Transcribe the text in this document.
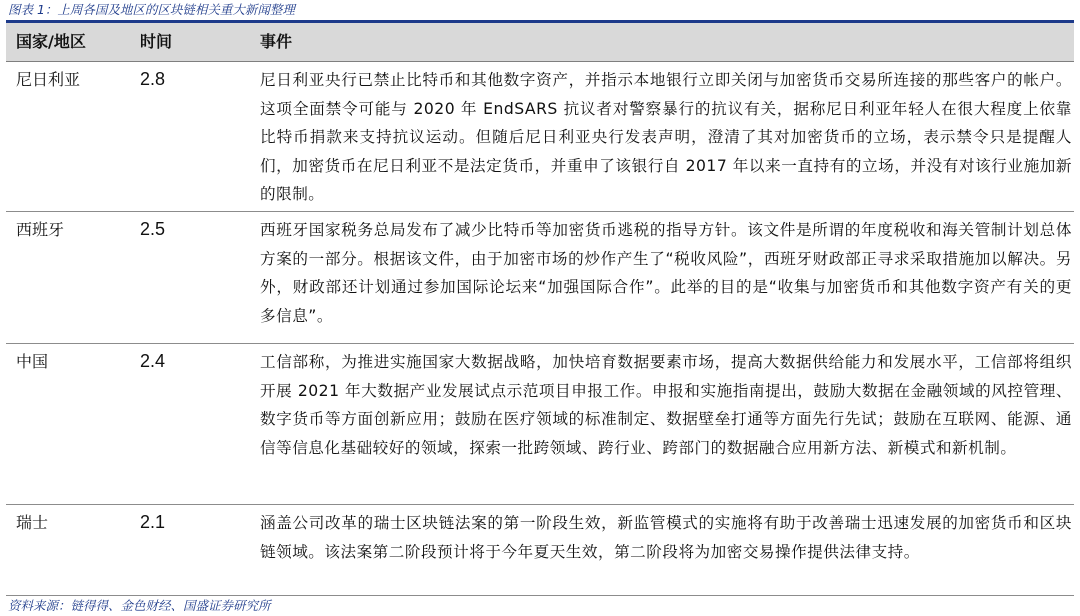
图表 1：上周各国及地区的区块链相关重大新闻整理
国家/地区	时间	事件
尼日利亚	2.8	尼日利亚央行已禁止比特币和其他数字资产，并指示本地银行立即关闭与加密货币交易所连接的那些客户的帐户。这项全面禁令可能与 2020 年 EndSARS 抗议者对警察暴行的抗议有关，据称尼日利亚年轻人在很大程度上依靠比特币捐款来支持抗议运动。但随后尼日利亚央行发表声明，澄清了其对加密货币的立场，表示禁令只是提醒人们，加密货币在尼日利亚不是法定货币，并重申了该银行自 2017 年以来一直持有的立场，并没有对该行业施加新的限制。
西班牙	2.5	西班牙国家税务总局发布了减少比特币等加密货币逃税的指导方针。该文件是所谓的年度税收和海关管制计划总体方案的一部分。根据该文件，由于加密市场的炒作产生了“税收风险”，西班牙财政部正寻求采取措施加以解决。另外，财政部还计划通过参加国际论坛来“加强国际合作”。此举的目的是“收集与加密货币和其他数字资产有关的更多信息”。
中国	2.4	工信部称，为推进实施国家大数据战略，加快培育数据要素市场，提高大数据供给能力和发展水平，工信部将组织开展 2021 年大数据产业发展试点示范项目申报工作。申报和实施指南提出，鼓励大数据在金融领域的风控管理、数字货币等方面创新应用；鼓励在医疗领域的标准制定、数据壁垒打通等方面先行先试；鼓励在互联网、能源、通信等信息化基础较好的领域，探索一批跨领域、跨行业、跨部门的数据融合应用新方法、新模式和新机制。
瑞士	2.1	涵盖公司改革的瑞士区块链法案的第一阶段生效，新监管模式的实施将有助于改善瑞士迅速发展的加密货币和区块链领域。该法案第二阶段预计将于今年夏天生效，第二阶段将为加密交易操作提供法律支持。
资料来源：链得得、金色财经、国盛证券研究所
